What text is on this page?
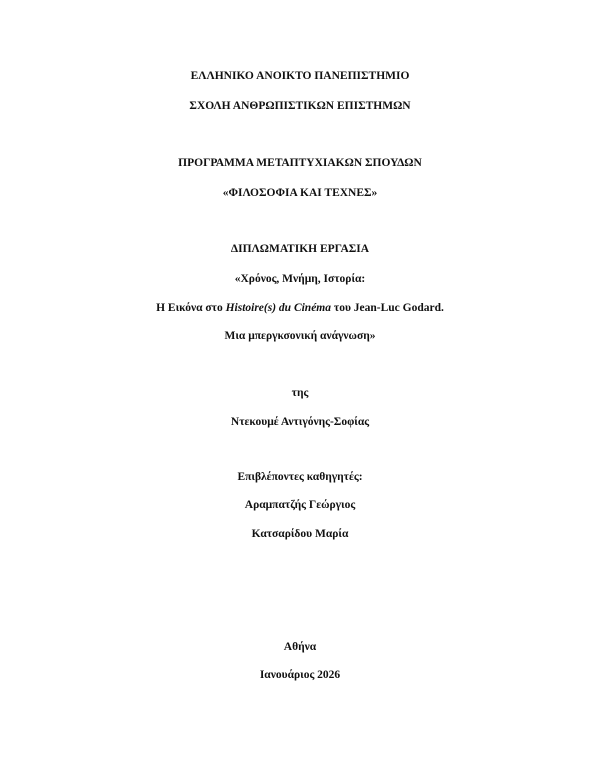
ΕΛΛΗΝΙΚΟ ΑΝΟΙΚΤΟ ΠΑΝΕΠΙΣΤΗΜΙΟ
ΣΧΟΛΗ ΑΝΘΡΩΠΙΣΤΙΚΩΝ ΕΠΙΣΤΗΜΩΝ
ΠΡΟΓΡΑΜΜΑ ΜΕΤΑΠΤΥΧΙΑΚΩΝ ΣΠΟΥΔΩΝ
«ΦΙΛΟΣΟΦΙΑ ΚΑΙ ΤΕΧΝΕΣ»
ΔΙΠΛΩΜΑΤΙΚΗ ΕΡΓΑΣΙΑ
«Χρόνος, Μνήμη, Ιστορία:
Η Εικόνα στο Histoire(s) du Cinéma του Jean-Luc Godard.
Μια μπεργκσονική ανάγνωση»
της
Ντεκουμέ Αντιγόνης-Σοφίας
Επιβλέποντες καθηγητές:
Αραμπατζής Γεώργιος
Κατσαρίδου Μαρία
Αθήνα
Ιανουάριος 2026
